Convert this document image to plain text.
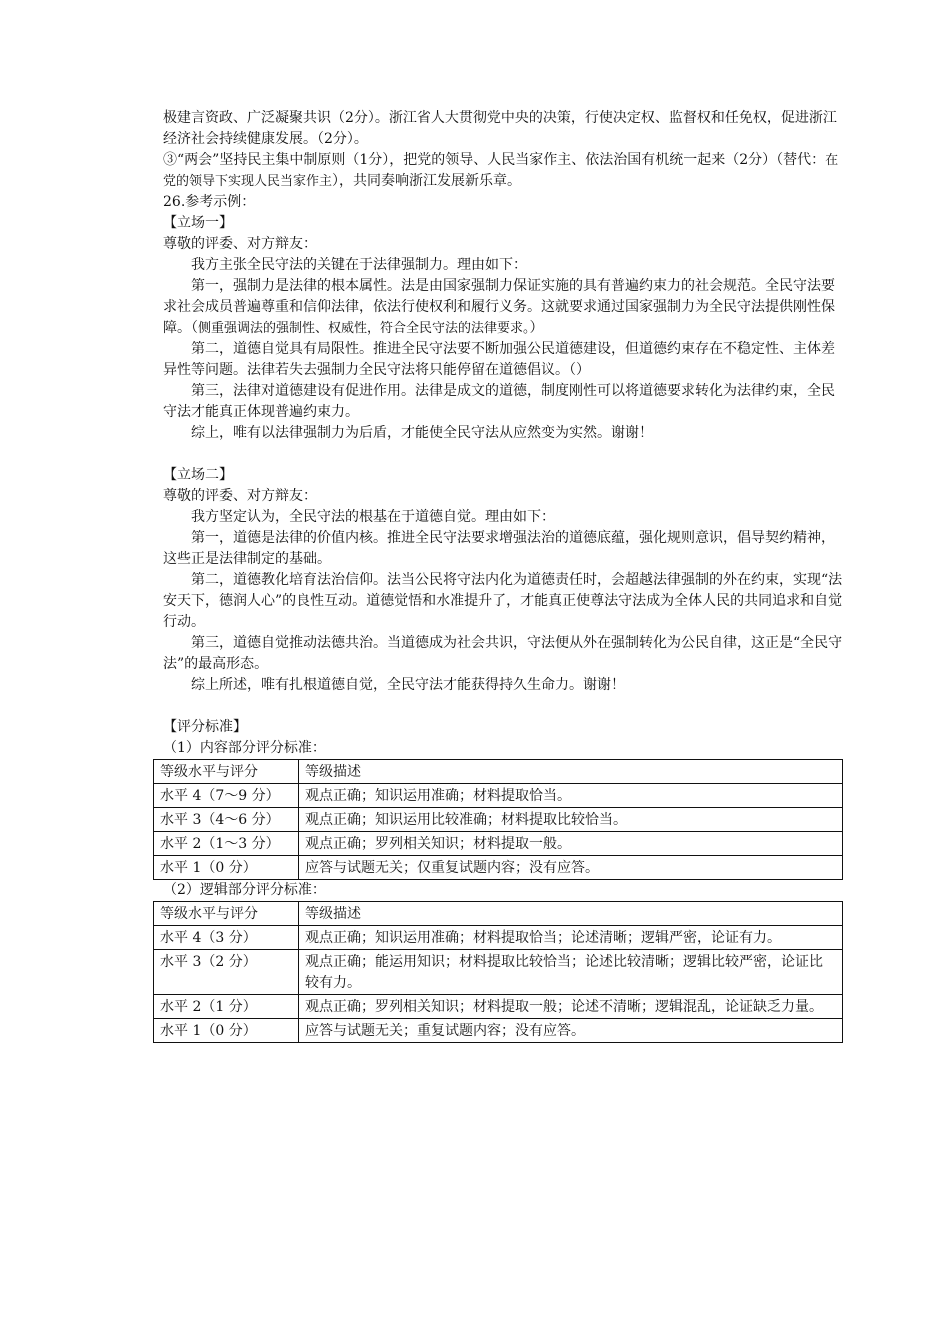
极建言资政、广泛凝聚共识（2分）。浙江省人大贯彻党中央的决策，行使决定权、监督权和任免权，促进浙江经济社会持续健康发展。（2分）。

③“两会”坚持民主集中制原则（1分），把党的领导、人民当家作主、依法治国有机统一起来（2分）（替代：在党的领导下实现人民当家作主），共同奏响浙江发展新乐章。

26.参考示例：

【立场一】

尊敬的评委、对方辩友：

我方主张全民守法的关键在于法律强制力。理由如下：

第一，强制力是法律的根本属性。法是由国家强制力保证实施的具有普遍约束力的社会规范。全民守法要求社会成员普遍尊重和信仰法律，依法行使权利和履行义务。这就要求通过国家强制力为全民守法提供刚性保障。（侧重强调法的强制性、权威性，符合全民守法的法律要求。）

第二，道德自觉具有局限性。推进全民守法要不断加强公民道德建设，但道德约束存在不稳定性、主体差异性等问题。法律若失去强制力全民守法将只能停留在道德倡议。（）

第三，法律对道德建设有促进作用。法律是成文的道德，制度刚性可以将道德要求转化为法律约束，全民守法才能真正体现普遍约束力。

综上，唯有以法律强制力为后盾，才能使全民守法从应然变为实然。谢谢！

【立场二】

尊敬的评委、对方辩友：

我方坚定认为，全民守法的根基在于道德自觉。理由如下：

第一，道德是法律的价值内核。推进全民守法要求增强法治的道德底蕴，强化规则意识，倡导契约精神，这些正是法律制定的基础。

第二，道德教化培育法治信仰。法当公民将守法内化为道德责任时，会超越法律强制的外在约束，实现“法安天下，德润人心”的良性互动。道德觉悟和水准提升了，才能真正使尊法守法成为全体人民的共同追求和自觉行动。

第三，道德自觉推动法德共治。当道德成为社会共识，守法便从外在强制转化为公民自律，这正是“全民守法”的最高形态。

综上所述，唯有扎根道德自觉，全民守法才能获得持久生命力。谢谢！

【评分标准】

（1）内容部分评分标准：

等级水平与评分	等级描述
水平 4（7～9 分）	观点正确；知识运用准确；材料提取恰当。
水平 3（4～6 分）	观点正确；知识运用比较准确；材料提取比较恰当。
水平 2（1～3 分）	观点正确；罗列相关知识；材料提取一般。
水平 1（0 分）	应答与试题无关；仅重复试题内容；没有应答。

（2）逻辑部分评分标准：

等级水平与评分	等级描述
水平 4（3 分）	观点正确；知识运用准确；材料提取恰当；论述清晰；逻辑严密，论证有力。
水平 3（2 分）	观点正确；能运用知识；材料提取比较恰当；论述比较清晰；逻辑比较严密，论证比较有力。
水平 2（1 分）	观点正确；罗列相关知识；材料提取一般；论述不清晰；逻辑混乱，论证缺乏力量。
水平 1（0 分）	应答与试题无关；重复试题内容；没有应答。
